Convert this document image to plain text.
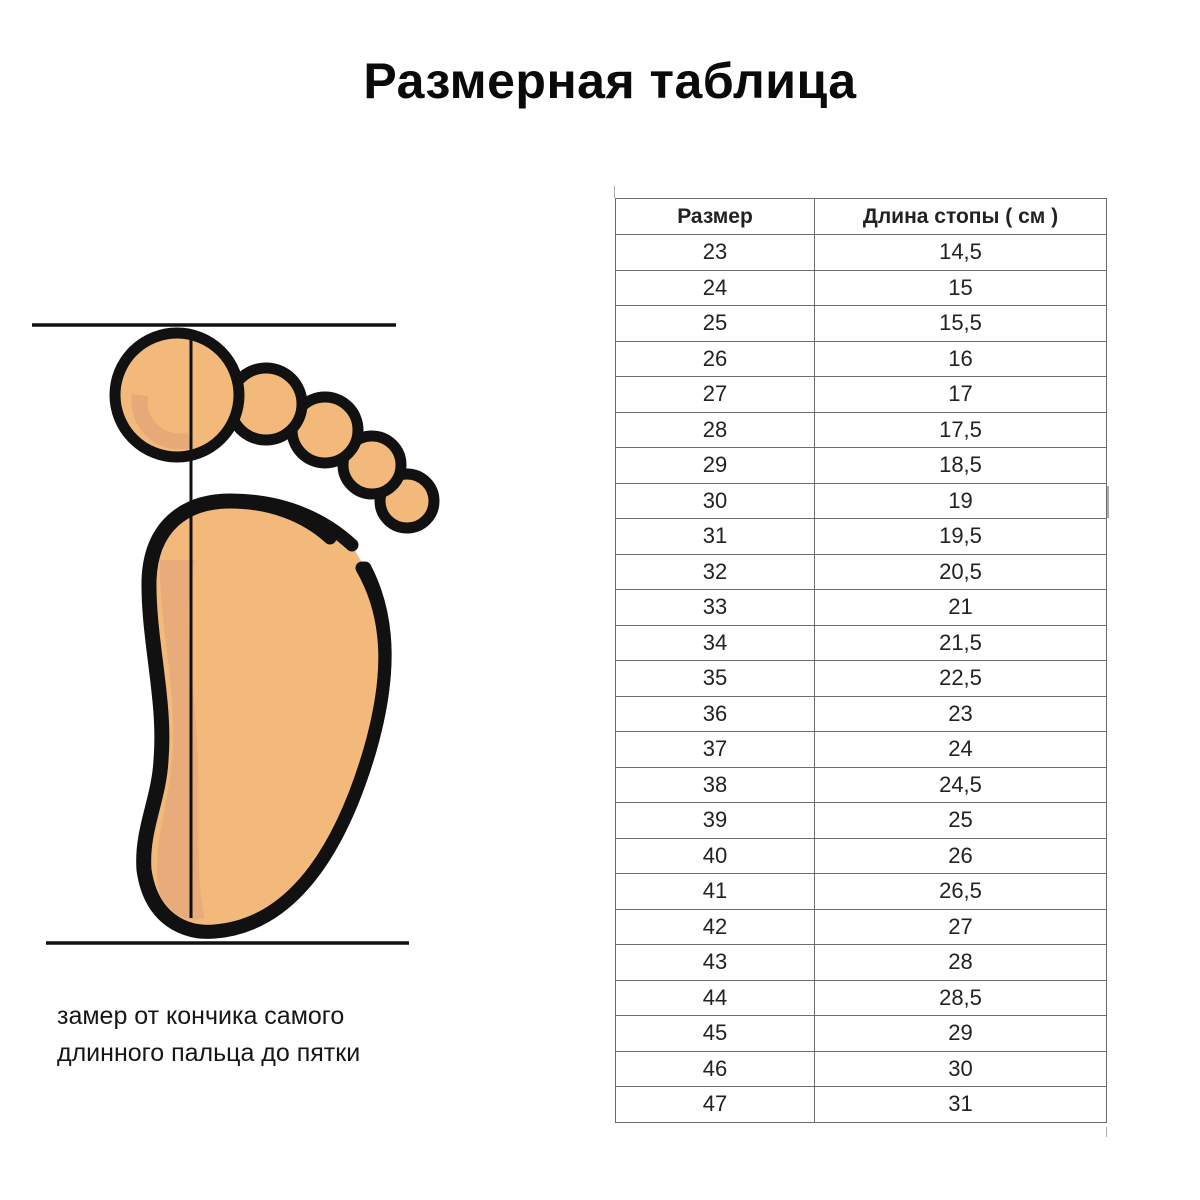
Размерная таблица
замер от кончика самого
длинного пальца до пятки
Размер	Длина стопы ( см )
23	14,5
24	15
25	15,5
26	16
27	17
28	17,5
29	18,5
30	19
31	19,5
32	20,5
33	21
34	21,5
35	22,5
36	23
37	24
38	24,5
39	25
40	26
41	26,5
42	27
43	28
44	28,5
45	29
46	30
47	31
